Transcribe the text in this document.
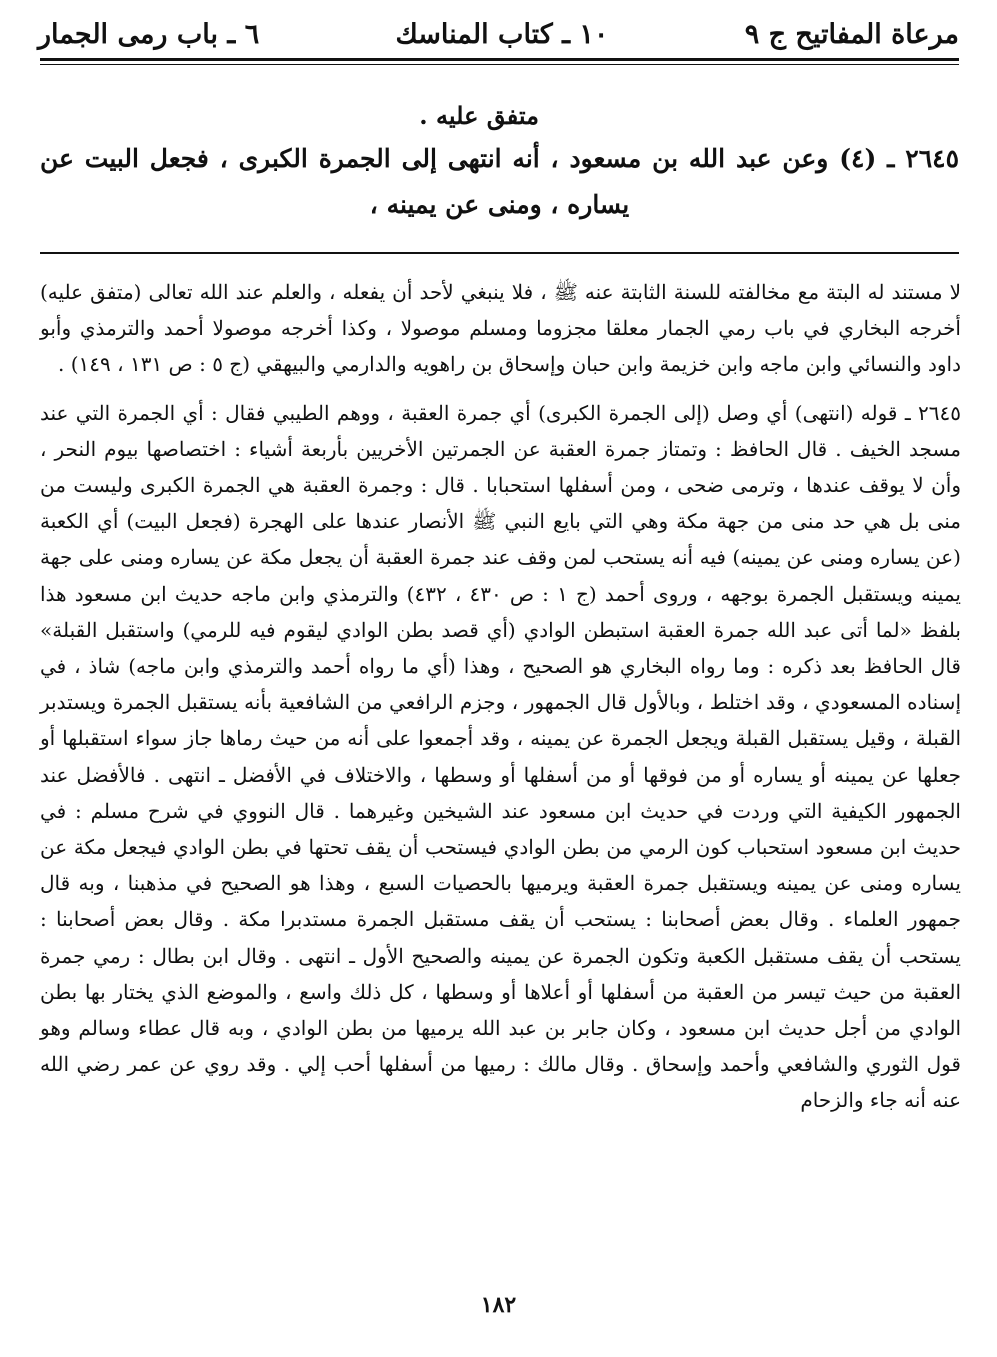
مرعاة المفاتيح ج ٩
١٠ ـ كتاب المناسك
٦ ـ باب رمى الجمار
متفق عليه .
٢٦٤٥ ـ (٤) وعن عبد الله بن مسعود ، أنه انتهى إلى الجمرة الكبرى ، فجعل البيت عن يساره ، ومنى عن يمينه ،

لا مستند له البتة مع مخالفته للسنة الثابتة عنه ﷺ ، فلا ينبغي لأحد أن يفعله ، والعلم عند الله تعالى (متفق عليه) أخرجه البخاري في باب رمي الجمار معلقا مجزوما ومسلم موصولا ، وكذا أخرجه موصولا أحمد والترمذي وأبو داود والنسائي وابن ماجه وابن خزيمة وابن حبان وإسحاق بن راهويه والدارمي والبيهقي (ج ٥ : ص ١٣١ ، ١٤٩) .

٢٦٤٥ ـ قوله (انتهى) أي وصل (إلى الجمرة الكبرى) أي جمرة العقبة ، ووهم الطيبي فقال : أي الجمرة التي عند مسجد الخيف . قال الحافظ : وتمتاز جمرة العقبة عن الجمرتين الأخريين بأربعة أشياء : اختصاصها بيوم النحر ، وأن لا يوقف عندها ، وترمى ضحى ، ومن أسفلها استحبابا . قال : وجمرة العقبة هي الجمرة الكبرى وليست من منى بل هي حد منى من جهة مكة وهي التي بايع النبي ﷺ الأنصار عندها على الهجرة (فجعل البيت) أي الكعبة (عن يساره ومنى عن يمينه) فيه أنه يستحب لمن وقف عند جمرة العقبة أن يجعل مكة عن يساره ومنى على جهة يمينه ويستقبل الجمرة بوجهه ، وروى أحمد (ج ١ : ص ٤٣٠ ، ٤٣٢) والترمذي وابن ماجه حديث ابن مسعود هذا بلفظ «لما أتى عبد الله جمرة العقبة استبطن الوادي (أي قصد بطن الوادي ليقوم فيه للرمي) واستقبل القبلة» قال الحافظ بعد ذكره : وما رواه البخاري هو الصحيح ، وهذا (أي ما رواه أحمد والترمذي وابن ماجه) شاذ ، في إسناده المسعودي ، وقد اختلط ، وبالأول قال الجمهور ، وجزم الرافعي من الشافعية بأنه يستقبل الجمرة ويستدبر القبلة ، وقيل يستقبل القبلة ويجعل الجمرة عن يمينه ، وقد أجمعوا على أنه من حيث رماها جاز سواء استقبلها أو جعلها عن يمينه أو يساره أو من فوقها أو من أسفلها أو وسطها ، والاختلاف في الأفضل ـ انتهى . فالأفضل عند الجمهور الكيفية التي وردت في حديث ابن مسعود عند الشيخين وغيرهما . قال النووي في شرح مسلم : في حديث ابن مسعود استحباب كون الرمي من بطن الوادي فيستحب أن يقف تحتها في بطن الوادي فيجعل مكة عن يساره ومنى عن يمينه ويستقبل جمرة العقبة ويرميها بالحصيات السبع ، وهذا هو الصحيح في مذهبنا ، وبه قال جمهور العلماء . وقال بعض أصحابنا : يستحب أن يقف مستقبل الجمرة مستدبرا مكة . وقال بعض أصحابنا : يستحب أن يقف مستقبل الكعبة وتكون الجمرة عن يمينه والصحيح الأول ـ انتهى . وقال ابن بطال : رمي جمرة العقبة من حيث تيسر من العقبة من أسفلها أو أعلاها أو وسطها ، كل ذلك واسع ، والموضع الذي يختار بها بطن الوادي من أجل حديث ابن مسعود ، وكان جابر بن عبد الله يرميها من بطن الوادي ، وبه قال عطاء وسالم وهو قول الثوري والشافعي وأحمد وإسحاق . وقال مالك : رميها من أسفلها أحب إلي . وقد روي عن عمر رضي الله عنه أنه جاء والزحام

١٨٢
